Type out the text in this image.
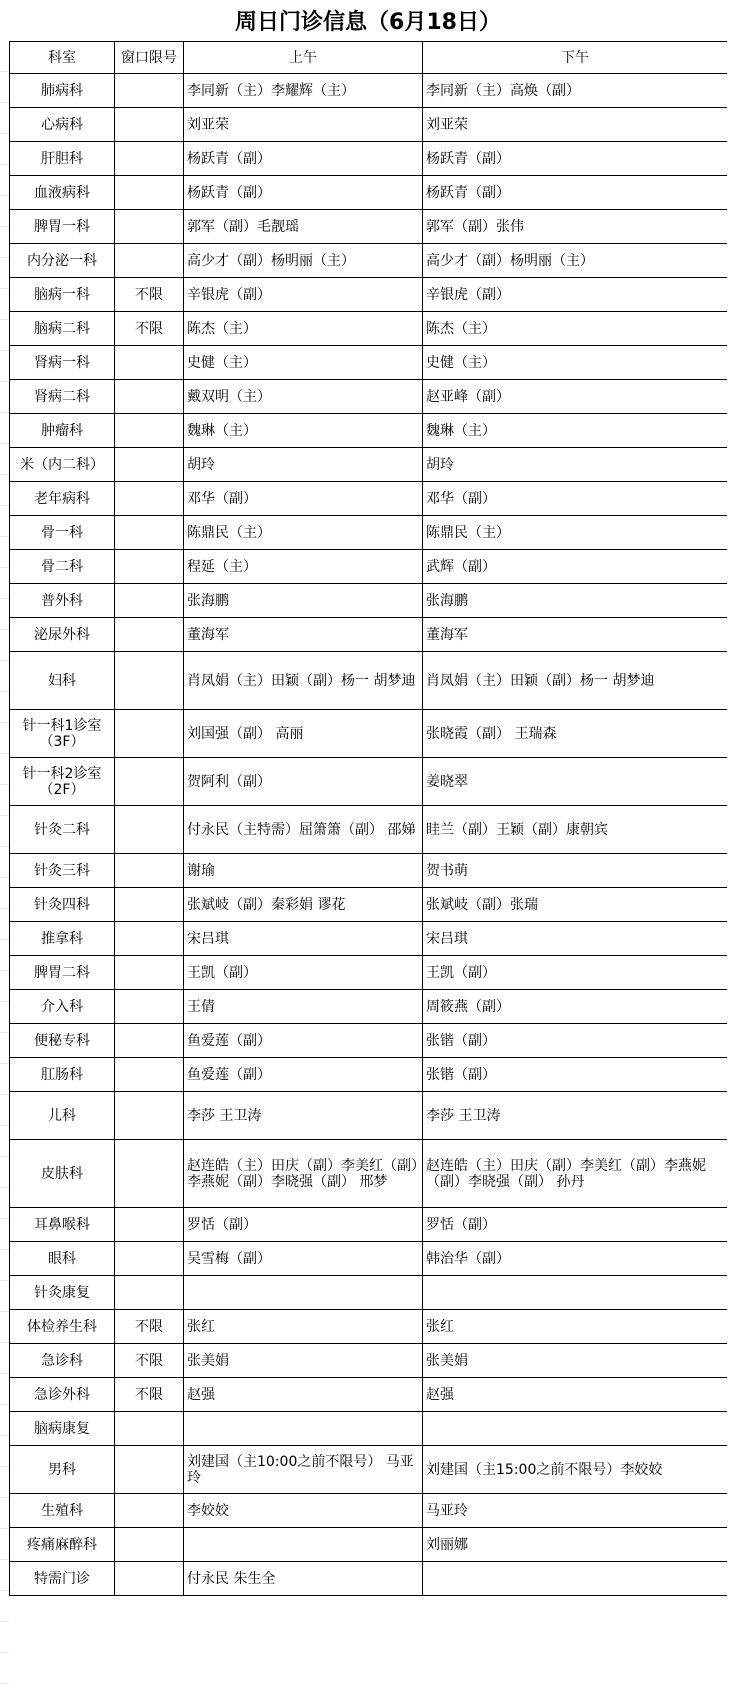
周日门诊信息（6月18日）
科室	窗口限号	上午	下午
肺病科		李同新（主）李耀辉（主）	李同新（主）高焕（副）
心病科		刘亚荣	刘亚荣
肝胆科		杨跃青（副）	杨跃青（副）
血液病科		杨跃青（副）	杨跃青（副）
脾胃一科		郭军（副）毛靓瑶	郭军（副）张伟
内分泌一科		高少才（副）杨明丽（主）	高少才（副）杨明丽（主）
脑病一科	不限	辛银虎（副）	辛银虎（副）
脑病二科	不限	陈杰（主）	陈杰（主）
肾病一科		史健（主）	史健（主）
肾病二科		戴双明（主）	赵亚峰（副）
肿瘤科		魏琳（主）	魏琳（主）
米（内二科）		胡玲	胡玲
老年病科		邓华（副）	邓华（副）
骨一科		陈鼎民（主）	陈鼎民（主）
骨二科		程延（主）	武辉（副）
普外科		张海鹏	张海鹏
泌尿外科		董海军	董海军
妇科		肖凤娟（主）田颖（副）杨一 胡梦迪	肖凤娟（主）田颖（副）杨一 胡梦迪
针一科1诊室（3F）		刘国强（副） 高丽	张晓霞（副） 王瑞森
针一科2诊室（2F）		贺阿利（副）	姜晓翠
针灸二科		付永民（主特需）屈箫箫（副） 邵娣	眭兰（副）王颖（副）康朝宾
针灸三科		谢瑜	贺书萌
针灸四科		张斌岐（副）秦彩娟 谬花	张斌岐（副）张瑞
推拿科		宋吕琪	宋吕琪
脾胃二科		王凯（副）	王凯（副）
介入科		王倩	周筱燕（副）
便秘专科		鱼爱莲（副）	张锴（副）
肛肠科		鱼爱莲（副）	张锴（副）
儿科		李莎 王卫涛	李莎 王卫涛
皮肤科		赵连皓（主）田庆（副）李美红（副）李燕妮（副）李晓强（副） 邢梦	赵连皓（主）田庆（副）李美红（副）李燕妮（副）李晓强（副） 孙丹
耳鼻喉科		罗恬（副）	罗恬（副）
眼科		吴雪梅（副）	韩治华（副）
针灸康复			
体检养生科	不限	张红	张红
急诊科	不限	张美娟	张美娟
急诊外科	不限	赵强	赵强
脑病康复			
男科		刘建国（主10:00之前不限号） 马亚玲	刘建国（主15:00之前不限号）李姣姣
生殖科		李姣姣	马亚玲
疼痛麻醉科			刘丽娜
特需门诊		付永民 朱生全	
